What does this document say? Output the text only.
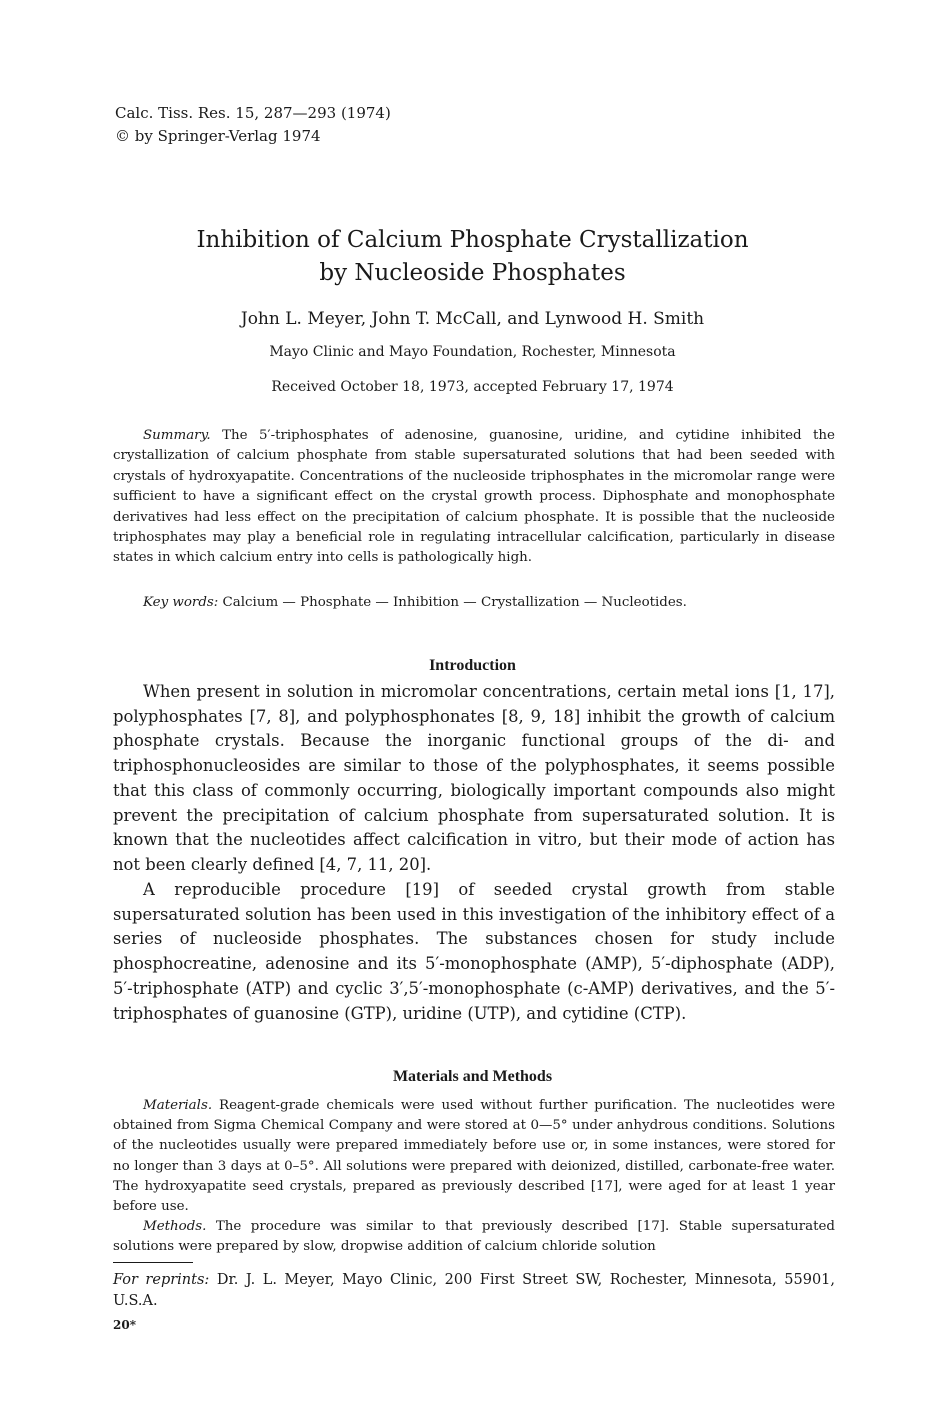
Calc. Tiss. Res. 15, 287—293 (1974)
© by Springer-Verlag 1974
Inhibition of Calcium Phosphate Crystallization
by Nucleoside Phosphates
John L. Meyer, John T. McCall, and Lynwood H. Smith
Mayo Clinic and Mayo Foundation, Rochester, Minnesota
Received October 18, 1973, accepted February 17, 1974

Summary. The 5′-triphosphates of adenosine, guanosine, uridine, and cytidine inhibited the crystallization of calcium phosphate from stable supersaturated solutions that had been seeded with crystals of hydroxyapatite. Concentrations of the nucleoside triphosphates in the micromolar range were sufficient to have a significant effect on the crystal growth process. Diphosphate and monophosphate derivatives had less effect on the precipitation of calcium phosphate. It is possible that the nucleoside triphosphates may play a beneficial role in regulating intracellular calcification, particularly in disease states in which calcium entry into cells is pathologically high.

Key words: Calcium — Phosphate — Inhibition — Crystallization — Nucleotides.
Introduction

When present in solution in micromolar concentrations, certain metal ions [1, 17], polyphosphates [7, 8], and polyphosphonates [8, 9, 18] inhibit the growth of calcium phosphate crystals. Because the inorganic functional groups of the di- and triphosphonucleosides are similar to those of the polyphosphates, it seems possible that this class of commonly occurring, biologically important compounds also might prevent the precipitation of calcium phosphate from supersaturated solution. It is known that the nucleotides affect calcification in vitro, but their mode of action has not been clearly defined [4, 7, 11, 20].

A reproducible procedure [19] of seeded crystal growth from stable supersaturated solution has been used in this investigation of the inhibitory effect of a series of nucleoside phosphates. The substances chosen for study include phosphocreatine, adenosine and its 5′-monophosphate (AMP), 5′-diphosphate (ADP), 5′-triphosphate (ATP) and cyclic 3′,5′-monophosphate (c-AMP) derivatives, and the 5′-triphosphates of guanosine (GTP), uridine (UTP), and cytidine (CTP).

Materials and Methods

Materials. Reagent-grade chemicals were used without further purification. The nucleotides were obtained from Sigma Chemical Company and were stored at 0—5° under anhydrous conditions. Solutions of the nucleotides usually were prepared immediately before use or, in some instances, were stored for no longer than 3 days at 0–5°. All solutions were prepared with deionized, distilled, carbonate-free water. The hydroxyapatite seed crystals, prepared as previously described [17], were aged for at least 1 year before use.

Methods. The procedure was similar to that previously described [17]. Stable supersaturated solutions were prepared by slow, dropwise addition of calcium chloride solution

For reprints: Dr. J. L. Meyer, Mayo Clinic, 200 First Street SW, Rochester, Minnesota, 55901, U.S.A.
20*
